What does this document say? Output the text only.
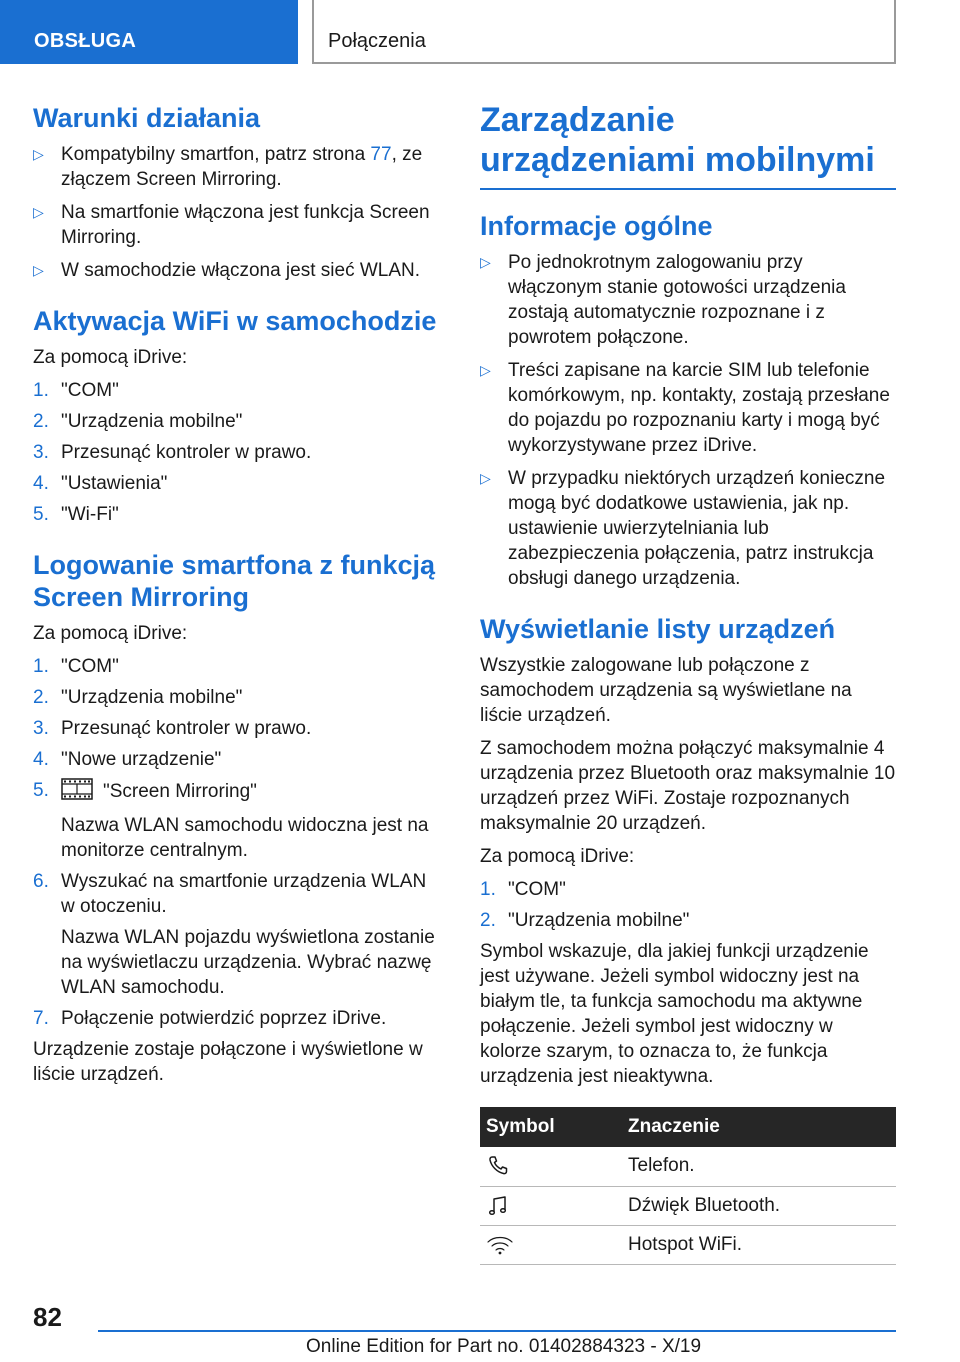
OBSŁUGA	Połączenia
Warunki działania
▷ Kompatybilny smartfon, patrz strona 77, ze złączem Screen Mirroring.
▷ Na smartfonie włączona jest funkcja Screen Mirroring.
▷ W samochodzie włączona jest sieć WLAN.
Aktywacja WiFi w samochodzie

Za pomocą iDrive:

1. "COM"
2. "Urządzenia mobilne"
3. Przesunąć kontroler w prawo.
4. "Ustawienia"
5. "Wi-Fi"
Logowanie smartfona z funkcją Screen Mirroring

Za pomocą iDrive:

1. "COM"
2. "Urządzenia mobilne"
3. Przesunąć kontroler w prawo.
4. "Nowe urządzenie"
5.	"Screen Mirroring"
Nazwa WLAN samochodu widoczna jest na monitorze centralnym.
6. Wyszukać na smartfonie urządzenia WLAN w otoczeniu.
Nazwa WLAN pojazdu wyświetlona zostanie na wyświetlaczu urządzenia. Wybrać nazwę WLAN samochodu.
7. Połączenie potwierdzić poprzez iDrive.

Urządzenie zostaje połączone i wyświetlone w liście urządzeń.

Zarządzanie urządzeniami mobilnymi
Informacje ogólne
▷ Po jednokrotnym zalogowaniu przy włączonym stanie gotowości urządzenia zostają automatycznie rozpoznane i z powrotem połączone.
▷ Treści zapisane na karcie SIM lub telefonie komórkowym, np. kontakty, zostają przesłane do pojazdu po rozpoznaniu karty i mogą być wykorzystywane przez iDrive.
▷ W przypadku niektórych urządzeń konieczne mogą być dodatkowe ustawienia, jak np. ustawienie uwierzytelniania lub zabezpieczenia połączenia, patrz instrukcja obsługi danego urządzenia.
Wyświetlanie listy urządzeń

Wszystkie zalogowane lub połączone z samochodem urządzenia są wyświetlane na liście urządzeń.

Z samochodem można połączyć maksymalnie 4 urządzenia przez Bluetooth oraz maksymalnie 10 urządzeń przez WiFi. Zostaje rozpoznanych maksymalnie 20 urządzeń.

Za pomocą iDrive:

1. "COM"
2. "Urządzenia mobilne"

Symbol wskazuje, dla jakiej funkcji urządzenie jest używane. Jeżeli symbol widoczny jest na białym tle, ta funkcja samochodu ma aktywne połączenie. Jeżeli symbol jest widoczny w kolorze szarym, to oznacza to, że funkcja urządzenia jest nieaktywna.

Symbol	Znaczenie

	Telefon.

	Dźwięk Bluetooth.

	Hotspot WiFi.
82
Online Edition for Part no. 01402884323 - X/19
